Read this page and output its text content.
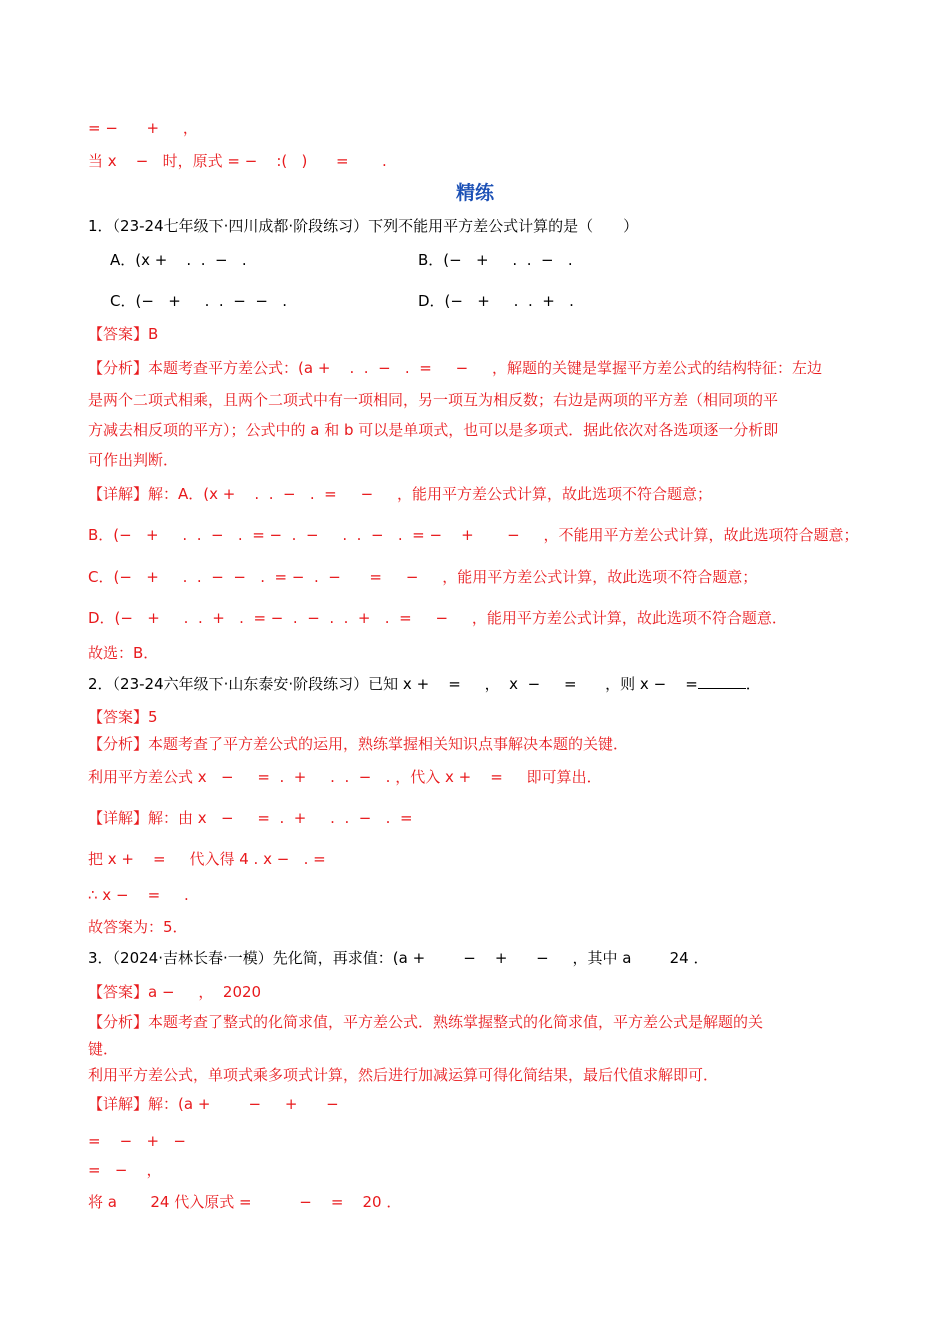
= −      +     ，
当 x    −   时，原式 = −    :(   )      =       .
精练
1．（23-24七年级下·四川成都·阶段练习）下列不能用平方差公式计算的是（　　）
A．(x +    .  .  −   .	B．(−   +     .  .  −   .
C．(−   +     .  .  −  −   .	D．(−   +     .  .  +   .
【答案】B
【分析】本题考查平方差公式：(a +    .  .  −   .  =     −     ，解题的关键是掌握平方差公式的结构特征：左边
是两个二项式相乘，且两个二项式中有一项相同，另一项互为相反数；右边是两项的平方差（相同项的平
方减去相反项的平方）；公式中的 a 和 b 可以是单项式，也可以是多项式．据此依次对各选项逐一分析即
可作出判断．
【详解】解：A．(x +    .  .  −   .  =     −     ，能用平方差公式计算，故此选项不符合题意；
B．(−   +     .  .  −   .  = −  .  −     .  .  −   .  = −    +       −     ，不能用平方差公式计算，故此选项符合题意；
C．(−   +     .  .  −  −   .  = −  .  −      =     −     ，能用平方差公式计算，故此选项不符合题意；
D．(−   +     .  .  +   .  = −  .  −  .  .  +   .  =     −     ，能用平方差公式计算，故此选项不符合题意．
故选：B．
2．（23-24六年级下·山东泰安·阶段练习）已知 x +    =     ，  x  −     =      ，则 x −    =	．
【答案】5
【分析】本题考查了平方差公式的运用，熟练掌握相关知识点事解决本题的关键．
利用平方差公式 x   −     =  .  +     .  .  −   . ，代入 x +    =     即可算出．
【详解】解：由 x   −     =  .  +     .  .  −   .  =
把 x +    =     代入得 4 . x −   . =
∴ x −    =     .
故答案为：5．
3．（2024·吉林长春·一模）先化简，再求值：(a +        −    +      −     ，其中 a        24 ．
【答案】a −     ，  2020
【分析】本题考查了整式的化简求值，平方差公式．熟练掌握整式的化简求值，平方差公式是解题的关
键．
利用平方差公式，单项式乘多项式计算，然后进行加减运算可得化简结果，最后代值求解即可．
【详解】解：(a +        −     +      −
=    −   +   −
=   −    ，
将 a       24 代入原式 =          −    =    20 ．
